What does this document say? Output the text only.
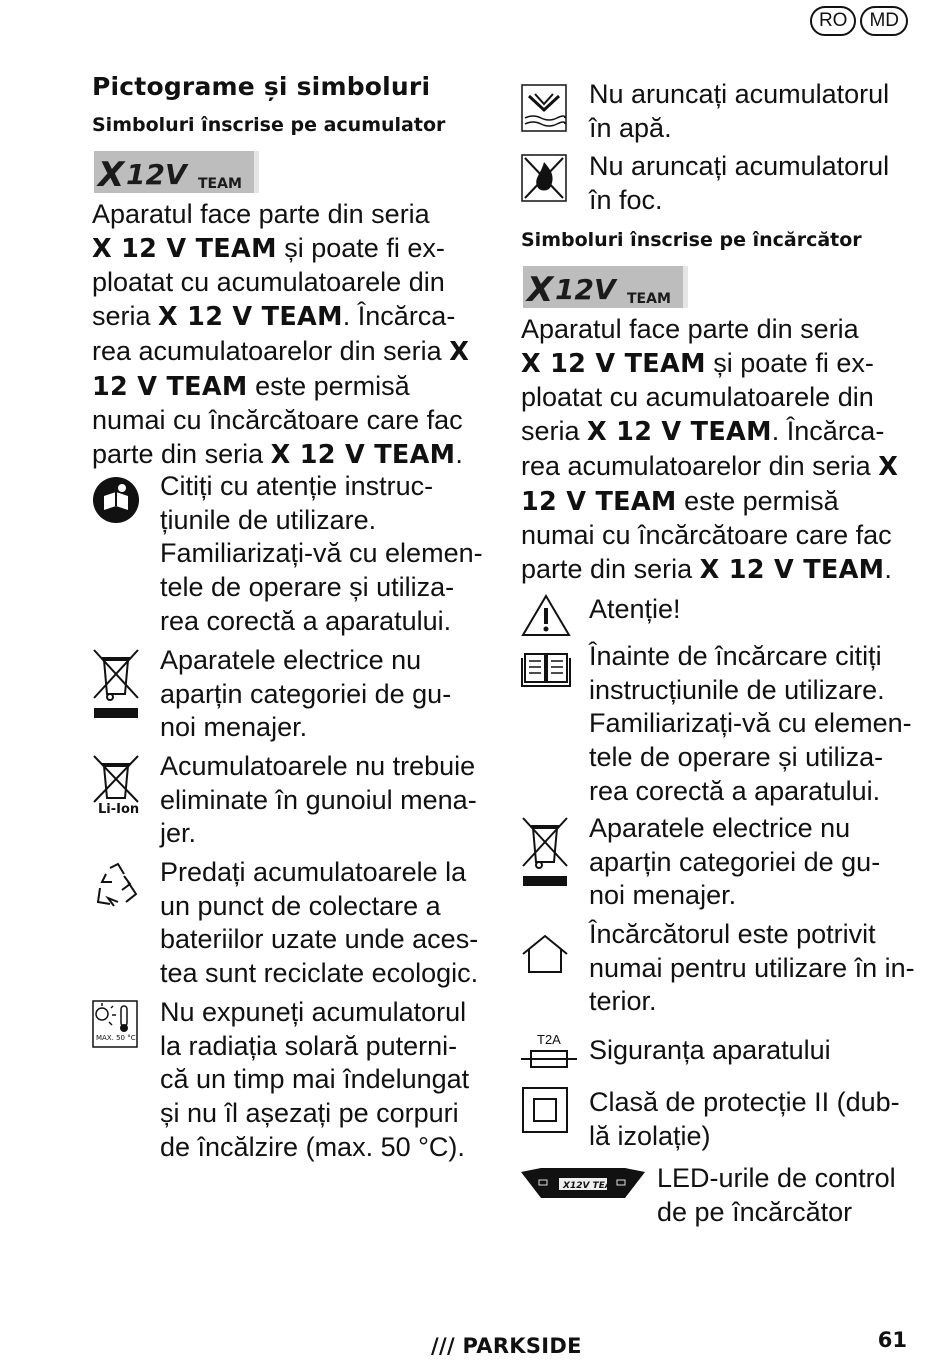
RO	MD
Pictograme și simboluri
Simboluri înscrise pe acumulator
X 12V TEAM
Aparatul face parte din seria
X 12 V TEAM și poate fi ex-ploatat cu acumulatoarele din seria X 12 V TEAM. Încărca-rea acumulatoarelor din seria X 12 V TEAM este permisă numai cu încărcătoare care fac parte din seria X 12 V TEAM.
Citiți cu atenție instruc-țiunile de utilizare. Familiarizați-vă cu elemen-tele de operare și utiliza-rea corectă a aparatului.
Aparatele electrice nu aparțin categoriei de gu-noi menajer.
Li-Ion
Acumulatoarele nu trebuie eliminate în gunoiul mena-jer.
Predați acumulatoarele la un punct de colectare a bateriilor uzate unde aces-tea sunt reciclate ecologic.
MAX. 50 °C
Nu expuneți acumulatorul la radiația solară puterni-că un timp mai îndelungat și nu îl așezați pe corpuri de încălzire (max. 50 °C).
Nu aruncați acumulatorul în apă.
Nu aruncați acumulatorul în foc.
Simboluri înscrise pe încărcător
X 12V TEAM
Aparatul face parte din seria
X 12 V TEAM și poate fi ex-ploatat cu acumulatoarele din seria X 12 V TEAM. Încărca-rea acumulatoarelor din seria X 12 V TEAM este permisă numai cu încărcătoare care fac parte din seria X 12 V TEAM.
Atenție!
Înainte de încărcare citiți instrucțiunile de utilizare. Familiarizați-vă cu elemen-tele de operare și utiliza-rea corectă a aparatului.
Aparatele electrice nu aparțin categoriei de gu-noi menajer.
Încărcătorul este potrivit numai pentru utilizare în in-terior.
T2A Siguranța aparatului
Clasă de protecție II (dub-lă izolație)
X12V TEAM LED-urile de control de pe încărcător
/// PARKSIDE	61
